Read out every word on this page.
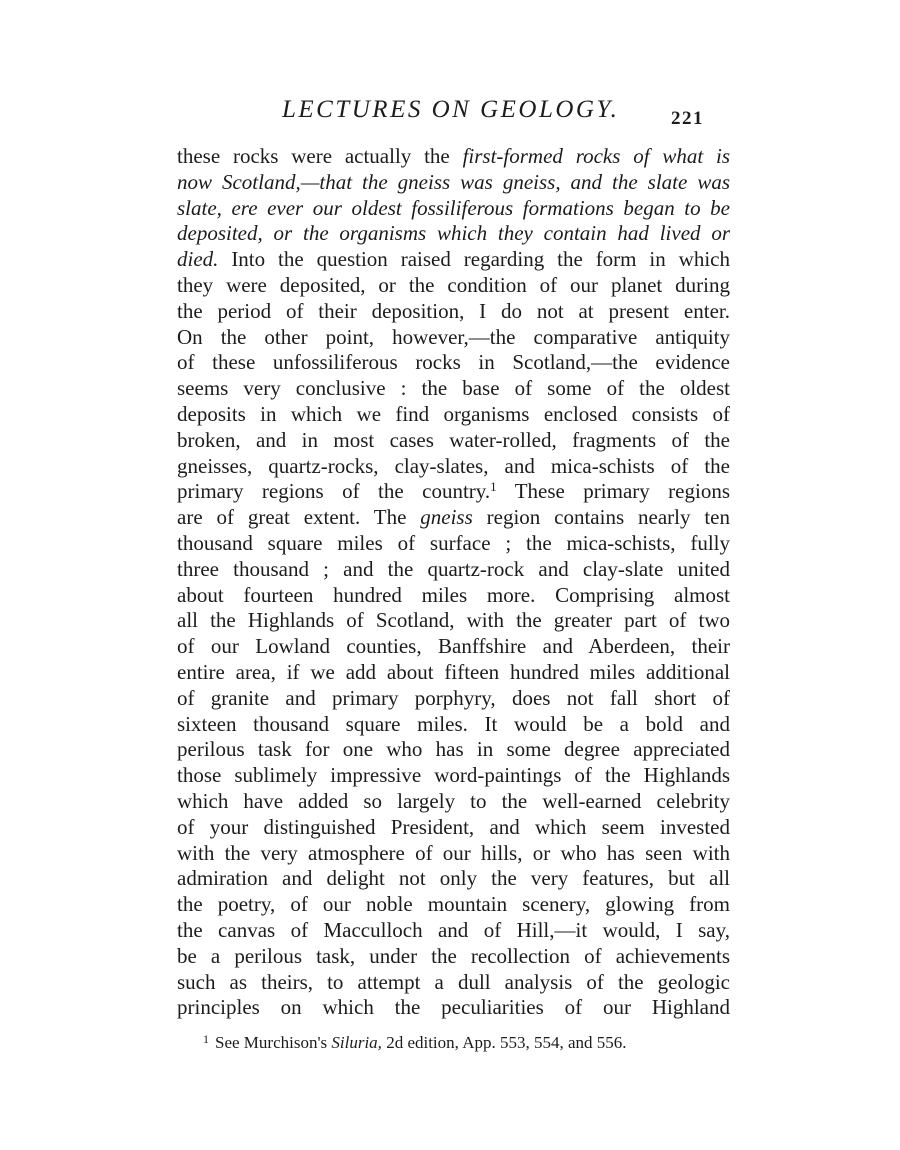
LECTURES ON GEOLOGY.	221
these rocks were actually the first-formed rocks of what is
now Scotland,—that the gneiss was gneiss, and the slate was
slate, ere ever our oldest fossiliferous formations began to be
deposited, or the organisms which they contain had lived or
died. Into the question raised regarding the form in which
they were deposited, or the condition of our planet during
the period of their deposition, I do not at present enter.
On the other point, however,—the comparative antiquity
of these unfossiliferous rocks in Scotland,—the evidence
seems very conclusive : the base of some of the oldest
deposits in which we find organisms enclosed consists of
broken, and in most cases water-rolled, fragments of the
gneisses, quartz-rocks, clay-slates, and mica-schists of the
primary regions of the country.$^1$ These primary regions
are of great extent. The gneiss region contains nearly ten
thousand square miles of surface ; the mica-schists, fully
three thousand ; and the quartz-rock and clay-slate united
about fourteen hundred miles more. Comprising almost
all the Highlands of Scotland, with the greater part of two
of our Lowland counties, Banffshire and Aberdeen, their
entire area, if we add about fifteen hundred miles additional
of granite and primary porphyry, does not fall short of
sixteen thousand square miles. It would be a bold and
perilous task for one who has in some degree appreciated
those sublimely impressive word-paintings of the Highlands
which have added so largely to the well-earned celebrity
of your distinguished President, and which seem invested
with the very atmosphere of our hills, or who has seen with
admiration and delight not only the very features, but all
the poetry, of our noble mountain scenery, glowing from
the canvas of Macculloch and of Hill,—it would, I say,
be a perilous task, under the recollection of achievements
such as theirs, to attempt a dull analysis of the geologic
principles on which the peculiarities of our Highland
$^1$ See Murchison's Siluria, 2d edition, App. 553, 554, and 556.
